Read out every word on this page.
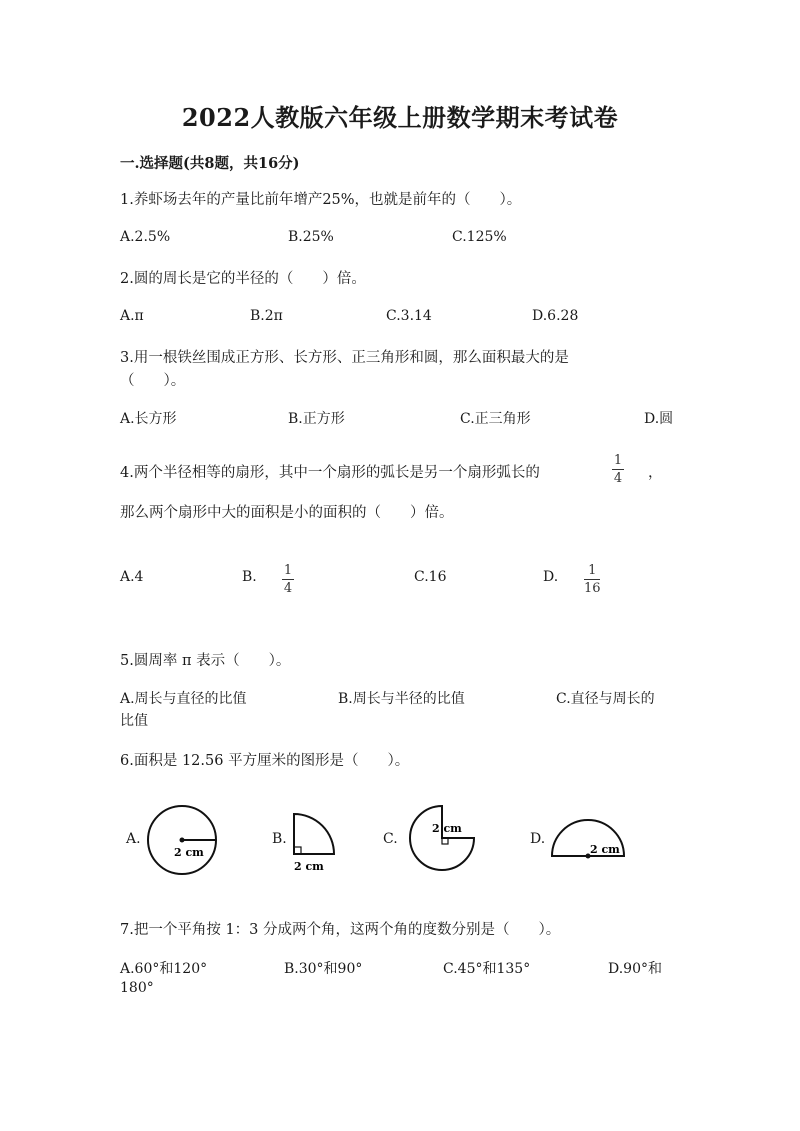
2022人教版六年级上册数学期末考试卷
一.选择题(共8题，共16分)
1.养虾场去年的产量比前年增产25%，也就是前年的（　　）。
A.2.5%	B.25%	C.125%
2.圆的周长是它的半径的（　　）倍。
A.π	B.2π	C.3.14	D.6.28
3.用一根铁丝围成正方形、长方形、正三角形和圆，那么面积最大的是
（　　）。
A.长方形	B.正方形	C.正三角形	D.圆
4.两个半径相等的扇形，其中一个扇形的弧长是另一个扇形弧长的
1
4 ，
那么两个扇形中大的面积是小的面积的（　　）倍。
A.4	B. 1
4
C.16	D. 1
16
5.圆周率 π 表示（　　）。
A.周长与直径的比值	B.周长与半径的比值	C.直径与周长的
比值
6.面积是 12.56 平方厘米的图形是（　　）。
A.
2 cm
B.
2 cm
C.
2 cm
D.
2 cm
7.把一个平角按 1：3 分成两个角，这两个角的度数分别是（　　）。
A.60°和120°	B.30°和90°	C.45°和135°	D.90°和
180°
